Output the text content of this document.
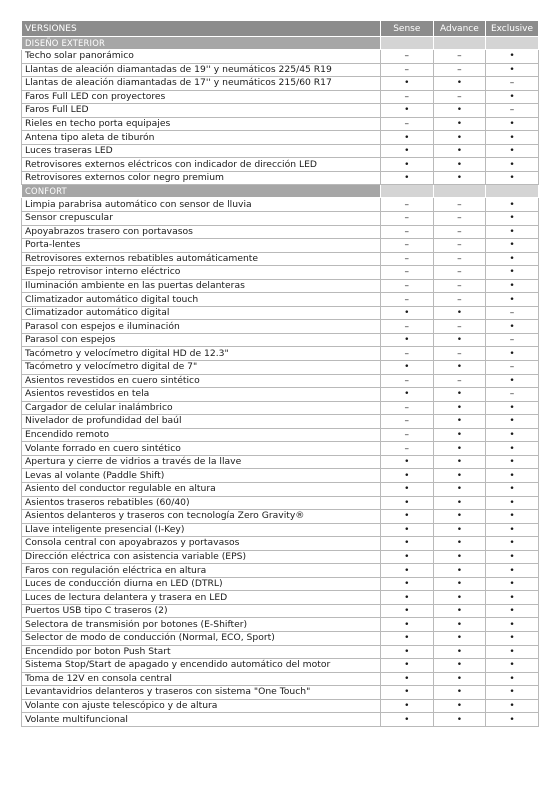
VERSIONES	Sense	Advance	Exclusive
DISEÑO EXTERIOR			
Techo solar panorámico	–	–	•
Llantas de aleación diamantadas de 19'' y neumáticos 225/45 R19	–	–	•
Llantas de aleación diamantadas de 17'' y neumáticos 215/60 R17	•	•	–
Faros Full LED con proyectores	–	–	•
Faros Full LED	•	•	–
Rieles en techo porta equipajes	–	•	•
Antena tipo aleta de tiburón	•	•	•
Luces traseras LED	•	•	•
Retrovisores externos eléctricos con indicador de dirección LED	•	•	•
Retrovisores externos color negro premium	•	•	•
CONFORT			
Limpia parabrisa automático con sensor de lluvia	–	–	•
Sensor crepuscular	–	–	•
Apoyabrazos trasero con portavasos	–	–	•
Porta-lentes	–	–	•
Retrovisores externos rebatibles automáticamente	–	–	•
Espejo retrovisor interno eléctrico	–	–	•
Iluminación ambiente en las puertas delanteras	–	–	•
Climatizador automático digital touch	–	–	•
Climatizador automático digital	•	•	–
Parasol con espejos e iluminación	–	–	•
Parasol con espejos	•	•	–
Tacómetro y velocímetro digital HD de 12.3"	–	–	•
Tacómetro y velocímetro digital de 7"	•	•	–
Asientos revestidos en cuero sintético	–	–	•
Asientos revestidos en tela	•	•	–
Cargador de celular inalámbrico	–	•	•
Nivelador de profundidad del baúl	–	•	•
Encendido remoto	–	•	•
Volante forrado en cuero sintético	–	•	•
Apertura y cierre de vidrios a través de la llave	•	•	•
Levas al volante (Paddle Shift)	•	•	•
Asiento del conductor regulable en altura	•	•	•
Asientos traseros rebatibles (60/40)	•	•	•
Asientos delanteros y traseros con tecnología Zero Gravity®	•	•	•
Llave inteligente presencial (I-Key)	•	•	•
Consola central con apoyabrazos y portavasos	•	•	•
Dirección eléctrica con asistencia variable (EPS)	•	•	•
Faros con regulación eléctrica en altura	•	•	•
Luces de conducción diurna en LED (DTRL)	•	•	•
Luces de lectura delantera y trasera en LED	•	•	•
Puertos USB tipo C traseros (2)	•	•	•
Selectora de transmisión por botones (E-Shifter)	•	•	•
Selector de modo de conducción (Normal, ECO, Sport)	•	•	•
Encendido por boton Push Start	•	•	•
Sistema Stop/Start de apagado y encendido automático del motor	•	•	•
Toma de 12V en consola central	•	•	•
Levantavidrios delanteros y traseros con sistema "One Touch"	•	•	•
Volante con ajuste telescópico y de altura	•	•	•
Volante multifuncional	•	•	•
